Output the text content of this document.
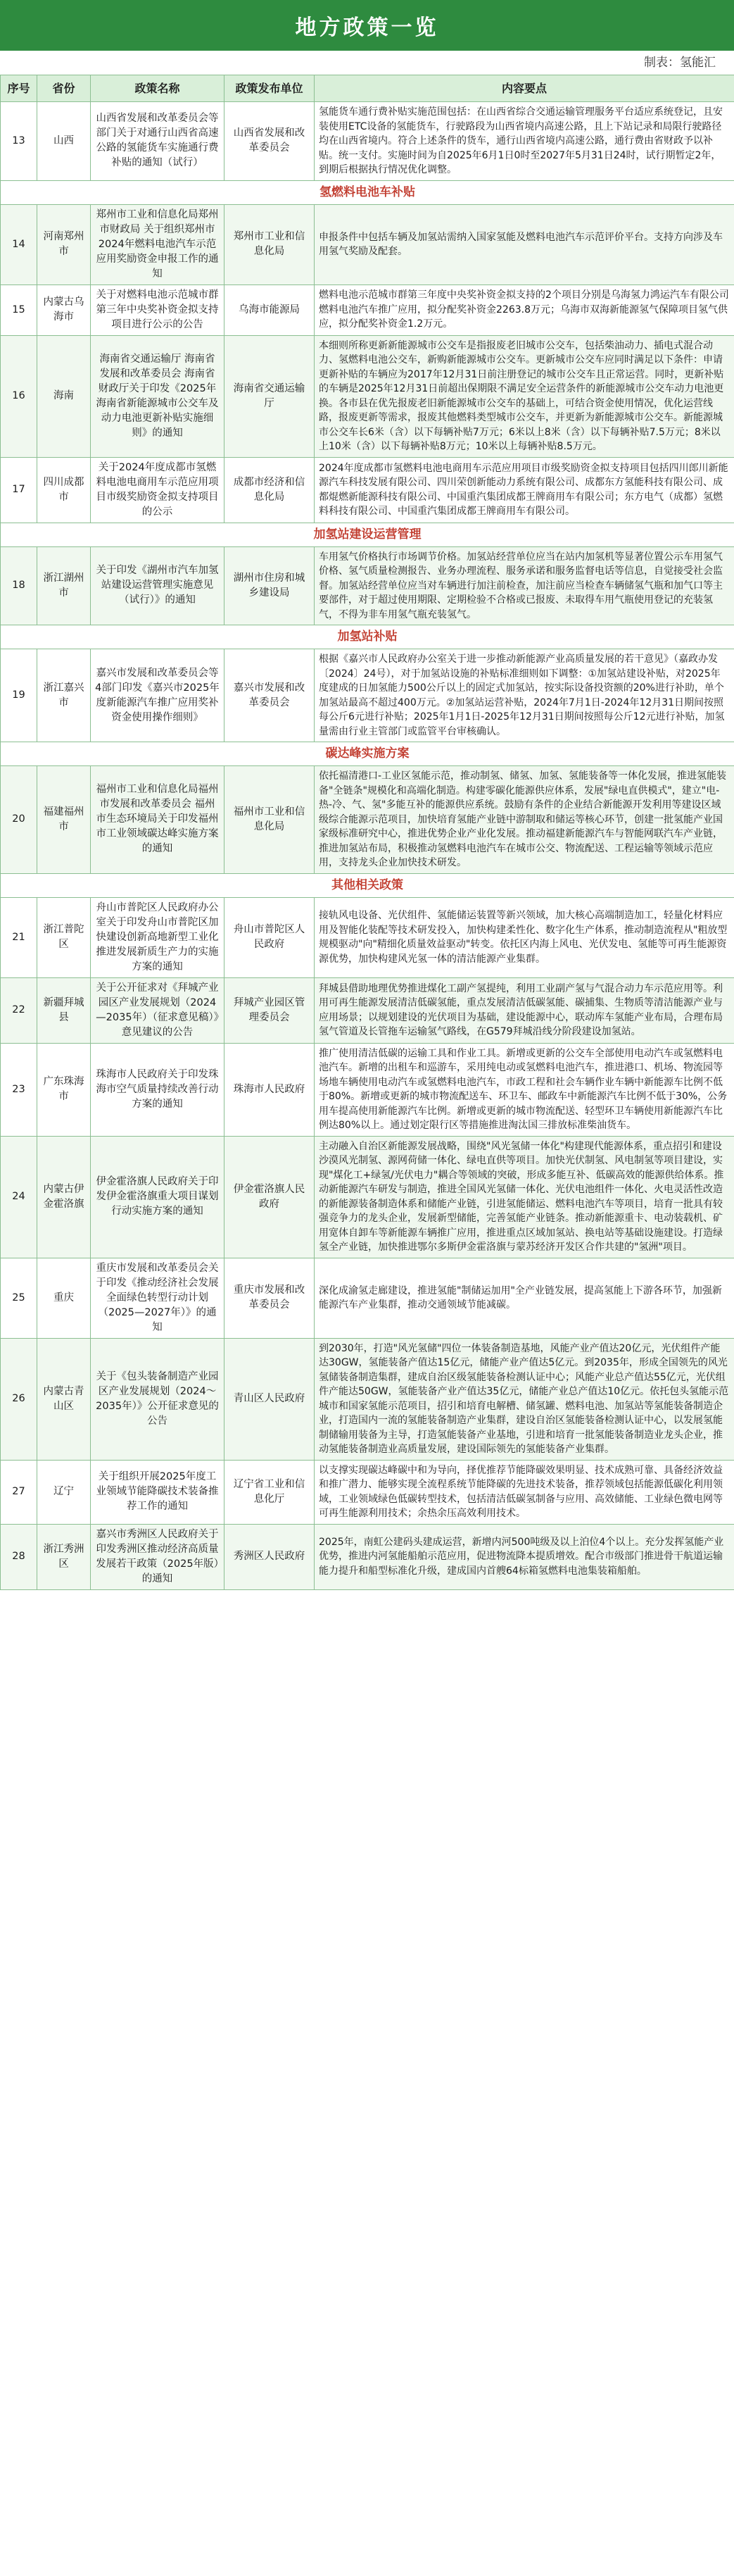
地方政策一览
制表：氢能汇
序号	省份	政策名称	政策发布单位	内容要点
13	山西	山西省发展和改革委员会等部门关于对通行山西省高速公路的氢能货车实施通行费补贴的通知（试行）	山西省发展和改革委员会	氢能货车通行费补贴实施范围包括：在山西省综合交通运输管理服务平台适应系统登记，且安装使用ETC设备的氢能货车，行驶路段为山西省境内高速公路，且上下站记录和局限行驶路径均在山西省境内。符合上述条件的货车，通行山西省境内高速公路，通行费由省财政予以补贴。统一支付。实施时间为自2025年6月1日0时至2027年5月31日24时，试行期暂定2年，到期后根据执行情况优化调整。
氢燃料电池车补贴				
14	河南郑州市	郑州市工业和信息化局郑州市财政局 关于组织郑州市2024年燃料电池汽车示范应用奖励资金申报工作的通知	郑州市工业和信息化局	申报条件中包括车辆及加氢站需纳入国家氢能及燃料电池汽车示范评价平台。支持方向涉及车用氢气奖励及配套。
15	内蒙古乌海市	关于对燃料电池示范城市群第三年中央奖补资金拟支持项目进行公示的公告	乌海市能源局	燃料电池示范城市群第三年度中央奖补资金拟支持的2个项目分别是乌海氢力鸿运汽车有限公司燃料电池汽车推广应用，拟分配奖补资金2263.8万元；乌海市双海新能源氢气保障项目氢气供应，拟分配奖补资金1.2万元。
16	海南	海南省交通运输厅 海南省发展和改革委员会 海南省财政厅关于印发《2025年海南省新能源城市公交车及动力电池更新补贴实施细则》的通知	海南省交通运输厅	本细则所称更新新能源城市公交车是指报废老旧城市公交车，包括柴油动力、插电式混合动力、氢燃料电池公交车，新购新能源城市公交车。更新城市公交车应同时满足以下条件：申请更新补贴的车辆应为2017年12月31日前注册登记的城市公交车且正常运营。同时，更新补贴的车辆是2025年12月31日前超出保期限不满足安全运营条件的新能源城市公交车动力电池更换。各市县在优先报废老旧新能源城市公交车的基础上，可结合资金使用情况，优化运营线路，报废更新等需求，报废其他燃料类型城市公交车，并更新为新能源城市公交车。新能源城市公交车长6米（含）以下每辆补贴7万元；6米以上8米（含）以下每辆补贴7.5万元；8米以上10米（含）以下每辆补贴8万元；10米以上每辆补贴8.5万元。
17	四川成都市	关于2024年度成都市氢燃料电池电商用车示范应用项目市级奖励资金拟支持项目的公示	成都市经济和信息化局	2024年度成都市氢燃料电池电商用车示范应用项目市级奖励资金拟支持项目包括四川郎川新能源汽车科技发展有限公司、四川荣创新能动力系统有限公司、成都东方氢能科技有限公司、成都焜燃新能源科技有限公司、中国重汽集团成都王牌商用车有限公司；东方电气（成都）氢燃料科技有限公司、中国重汽集团成都王牌商用车有限公司。
加氢站建设运营管理				
18	浙江湖州市	关于印发《湖州市汽车加氢站建设运营管理实施意见（试行）》的通知	湖州市住房和城乡建设局	车用氢气价格执行市场调节价格。加氢站经营单位应当在站内加氢机等显著位置公示车用氢气价格、氢气质量检测报告、业务办理流程、服务承诺和服务监督电话等信息，自觉接受社会监督。加氢站经营单位应当对车辆进行加注前检查，加注前应当检查车辆储氢气瓶和加气口等主要部件，对于超过使用期限、定期检验不合格或已报废、未取得车用气瓶使用登记的充装氢气，不得为非车用氢气瓶充装氢气。
加氢站补贴				
19	浙江嘉兴市	嘉兴市发展和改革委员会等4部门印发《嘉兴市2025年度新能源汽车推广应用奖补资金使用操作细则》	嘉兴市发展和改革委员会	根据《嘉兴市人民政府办公室关于进一步推动新能源产业高质量发展的若干意见》（嘉政办发〔2024〕24号），对于加氢站设施的补贴标准细则如下调整：①加氢站建设补贴，对2025年度建成的日加氢能力500公斤以上的固定式加氢站，按实际设备投资额的20%进行补助，单个加氢站最高不超过400万元。②加氢站运营补贴，2024年7月1日-2024年12月31日期间按照每公斤6元进行补贴；2025年1月1日-2025年12月31日期间按照每公斤12元进行补贴，加氢量需由行业主管部门或监管平台审核确认。
碳达峰实施方案				
20	福建福州市	福州市工业和信息化局福州市发展和改革委员会 福州市生态环境局关于印发福州市工业领域碳达峰实施方案的通知	福州市工业和信息化局	依托福清港口-工业区氢能示范，推动制氢、储氢、加氢、氢能装备等一体化发展，推进氢能装备"全链条"规模化和高端化制造。构建零碳化能源供应体系，发展"绿电直供模式"，建立"电-热-冷、气、氢"多能互补的能源供应系统。鼓励有条件的企业结合新能源开发利用等建设区域级综合能源示范项目，加快培育氢能产业链中游制取和储运等核心环节，创建一批氢能产业国家级标准研究中心，推进优势企业产业化发展。推动福建新能源汽车与智能网联汽车产业链，推进加氢站布局，积极推动氢燃料电池汽车在城市公交、物流配送、工程运输等领域示范应用，支持龙头企业加快技术研发。
其他相关政策				
21	浙江普陀区	舟山市普陀区人民政府办公室关于印发舟山市普陀区加快建设创新高地新型工业化推进发展新质生产力的实施方案的通知	舟山市普陀区人民政府	接轨风电设备、光伏组件、氢能储运装置等新兴领域，加大核心高端制造加工，轻量化材料应用及智能化装配等技术研发投入，加快构建柔性化、数字化生产体系，推动制造流程从"粗放型规模驱动"向"精细化质量效益驱动"转变。依托区内海上风电、光伏发电、氢能等可再生能源资源优势，加快构建风光氢一体的清洁能源产业集群。
22	新疆拜城县	关于公开征求对《拜城产业园区产业发展规划（2024—2035年）（征求意见稿）》意见建议的公告	拜城产业园区管理委员会	拜城县借助地理优势推进煤化工副产氢提纯，利用工业副产氢与气混合动力车示范应用等。利用可再生能源发展清洁低碳氢能，重点发展清洁低碳氢能、碳捕集、生物质等清洁能源产业与应用场景；以规划建设的光伏项目为基础，建设能源中心，联动库车氢能产业布局，合理布局氢气管道及长管拖车运输氢气路线，在G579拜城沿线分阶段建设加氢站。
23	广东珠海市	珠海市人民政府关于印发珠海市空气质量持续改善行动方案的通知	珠海市人民政府	推广使用清洁低碳的运输工具和作业工具。新增或更新的公交车全部使用电动汽车或氢燃料电池汽车。新增的出租车和巡游车，采用纯电动或氢燃料电池汽车，推进港口、机场、物流园等场地车辆使用电动汽车或氢燃料电池汽车，市政工程和社会车辆作业车辆中新能源车比例不低于80%。新增或更新的城市物流配送车、环卫车、邮政车中新能源汽车比例不低于30%，公务用车提高使用新能源汽车比例。新增或更新的城市物流配送、轻型环卫车辆使用新能源汽车比例达80%以上。通过划定限行区等措施推进淘汰国三排放标准柴油货车。
24	内蒙古伊金霍洛旗	伊金霍洛旗人民政府关于印发伊金霍洛旗重大项目谋划行动实施方案的通知	伊金霍洛旗人民政府	主动融入自治区新能源发展战略，围绕"风光氢储一体化"构建现代能源体系，重点招引和建设沙漠风光制氢、源网荷储一体化、绿电直供等项目。加快光伏制氢、风电制氢等项目建设，实现"煤化工+绿氢/光伏电力"耦合等领域的突破，形成多能互补、低碳高效的能源供给体系。推动新能源汽车研发与制造，推进全国风光氢储一体化、光伏电池组件一体化、火电灵活性改造的新能源装备制造体系和储能产业链，引进氢能储运、燃料电池汽车等项目，培育一批具有较强竞争力的龙头企业，发展新型储能，完善氢能产业链条。推动新能源重卡、电动装载机、矿用宽体自卸车等新能源车辆推广应用，推进重点区域加氢站、换电站等基础设施建设。打造绿氢全产业链，加快推进鄂尔多斯伊金霍洛旗与蒙苏经济开发区合作共建的"氢洲"项目。
25	重庆	重庆市发展和改革委员会关于印发《推动经济社会发展全面绿色转型行动计划（2025—2027年）》的通知	重庆市发展和改革委员会	深化成渝氢走廊建设，推进氢能"制储运加用"全产业链发展，提高氢能上下游各环节，加强新能源汽车产业集群，推动交通领域节能减碳。
26	内蒙古青山区	关于《包头装备制造产业园区产业发展规划（2024～2035年）》公开征求意见的公告	青山区人民政府	到2030年，打造"风光氢储"四位一体装备制造基地，风能产业产值达20亿元，光伏组件产能达30GW，氢能装备产值达15亿元，储能产业产值达5亿元。到2035年，形成全国领先的风光氢储装备制造集群，建成自治区级氢能装备检测认证中心；风能产业总产值达55亿元，光伏组件产能达50GW，氢能装备产业产值达35亿元，储能产业总产值达10亿元。依托包头氢能示范城市和国家氢能示范项目，招引和培育电解槽、储氢罐、燃料电池、加氢站等氢能装备制造企业，打造国内一流的氢能装备制造产业集群，建设自治区氢能装备检测认证中心，以发展氢能制储输用装备为主导，打造氢能装备产业基地，引进和培育一批氢能装备制造业龙头企业，推动氢能装备制造业高质量发展，建设国际领先的氢能装备产业集群。
27	辽宁	关于组织开展2025年度工业领域节能降碳技术装备推荐工作的通知	辽宁省工业和信息化厅	以支撑实现碳达峰碳中和为导向，择优推荐节能降碳效果明显、技术成熟可靠、具备经济效益和推广潜力、能够实现全流程系统节能降碳的先进技术装备，推荐领域包括能源低碳化利用领域，工业领域绿色低碳转型技术，包括清洁低碳氢制备与应用、高效储能、工业绿色微电网等可再生能源利用技术；余热余压高效利用技术。
28	浙江秀洲区	嘉兴市秀洲区人民政府关于印发秀洲区推动经济高质量发展若干政策（2025年版）的通知	秀洲区人民政府	2025年，南虹公建码头建成运营，新增内河500吨级及以上泊位4个以上。充分发挥氢能产业优势，推进内河氢能船舶示范应用，促进物流降本提质增效。配合市级部门推进骨干航道运输能力提升和船型标准化升级，建成国内首艘64标箱氢燃料电池集装箱船舶。
